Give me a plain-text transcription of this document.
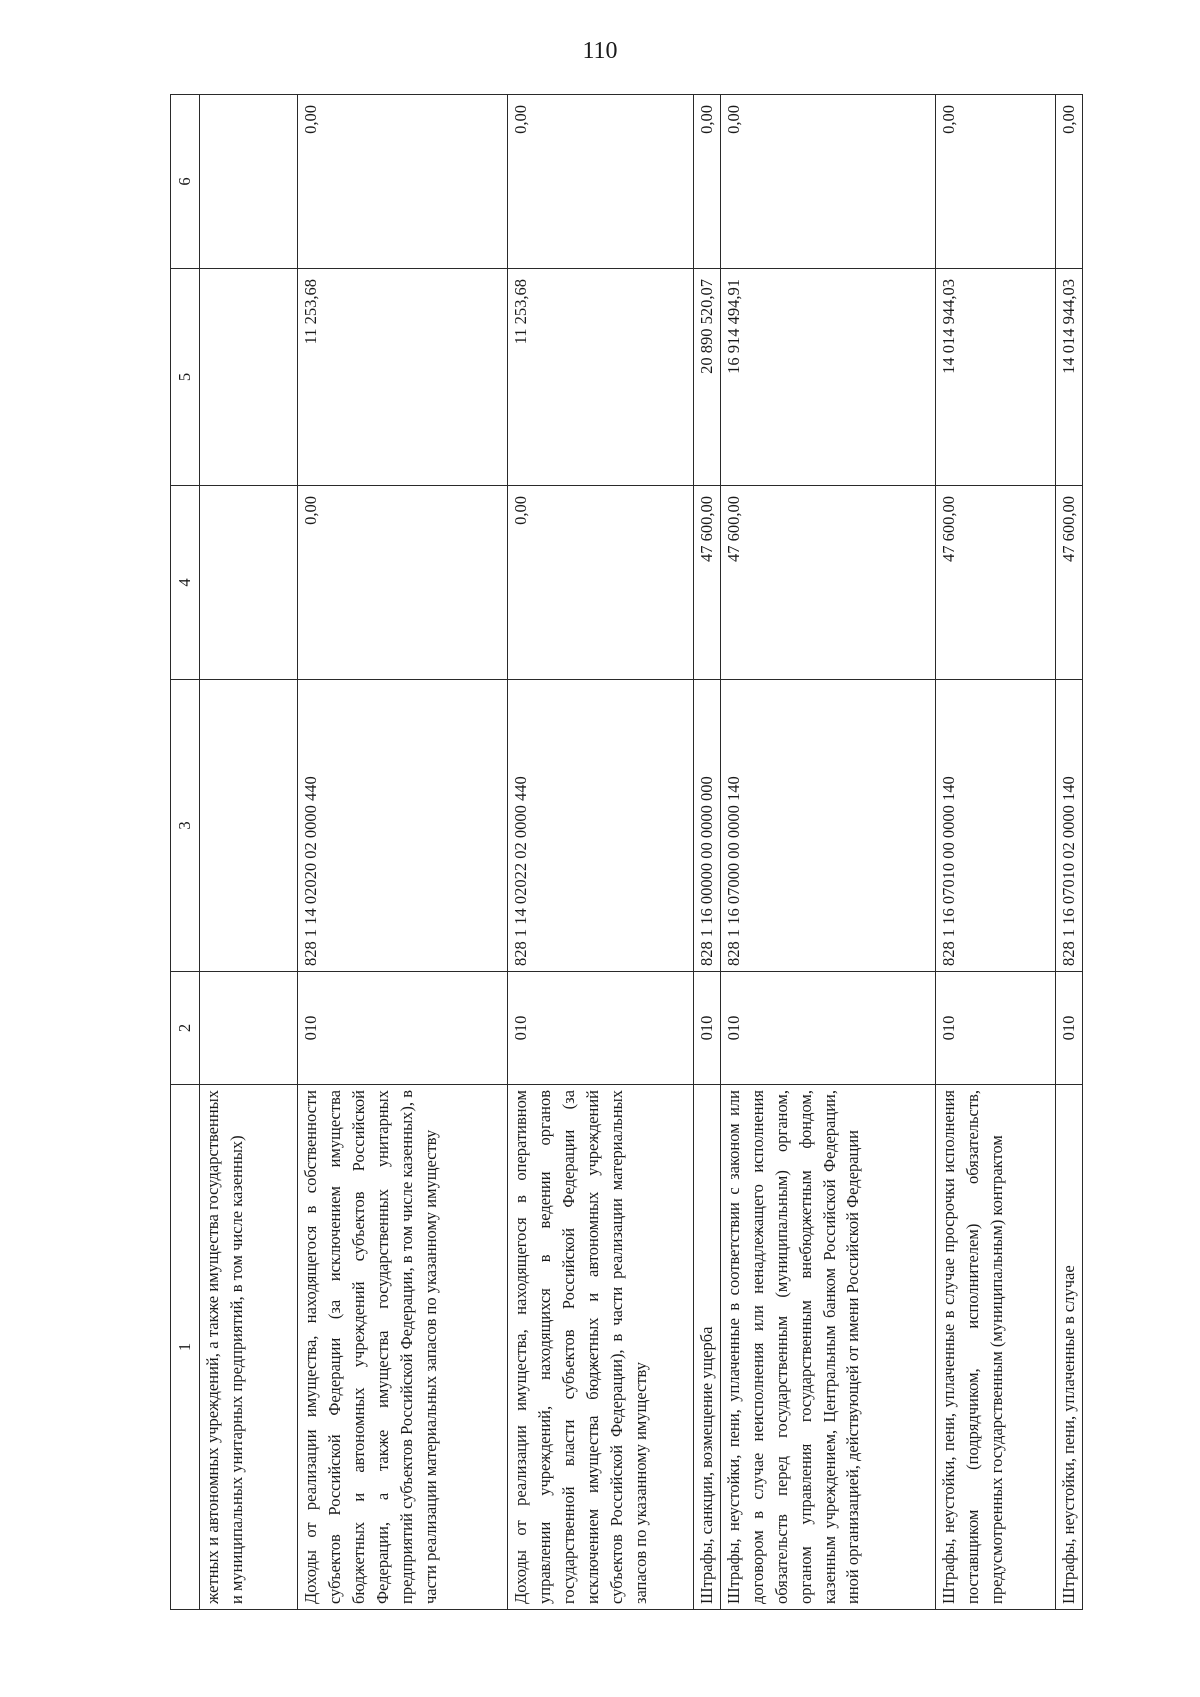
110
1	2	3	4	5	6
жетных и автономных учреждений, а также имущества государственных и муниципальных унитарных предприятий, в том числе казенных)					
Доходы от реализации имущества, находящегося в собственности субъектов Российской Федерации (за исключением имущества бюджетных и автономных учреждений субъектов Российской Федерации, а также имущества государственных унитарных предприятий субъектов Российской Федерации, в том числе казенных), в части реализации материальных запасов по указанному имуществу	010	828 1 14 02020 02 0000 440	0,00	11 253,68	0,00
Доходы от реализации имущества, находящегося в оперативном управлении учреждений, находящихся в ведении органов государственной власти субъектов Российской Федерации (за исключением имущества бюджетных и автономных учреждений субъектов Российской Федерации), в части реализации материальных запасов по указанному имуществу	010	828 1 14 02022 02 0000 440	0,00	11 253,68	0,00
Штрафы, санкции, возмещение ущерба	010	828 1 16 00000 00 0000 000	47 600,00	20 890 520,07	0,00
Штрафы, неустойки, пени, уплаченные в соответствии с законом или договором в случае неисполнения или ненадлежащего исполнения обязательств перед государственным (муниципальным) органом, органом управления государственным внебюджетным фондом, казенным учреждением, Центральным банком Российской Федерации, иной организацией, действующей от имени Российской Федерации	010	828 1 16 07000 00 0000 140	47 600,00	16 914 494,91	0,00
Штрафы, неустойки, пени, уплаченные в случае просрочки исполнения поставщиком (подрядчиком, исполнителем) обязательств, предусмотренных государственным (муниципальным) контрактом	010	828 1 16 07010 00 0000 140	47 600,00	14 014 944,03	0,00
Штрафы, неустойки, пени, уплаченные в случае	010	828 1 16 07010 02 0000 140	47 600,00	14 014 944,03	0,00
